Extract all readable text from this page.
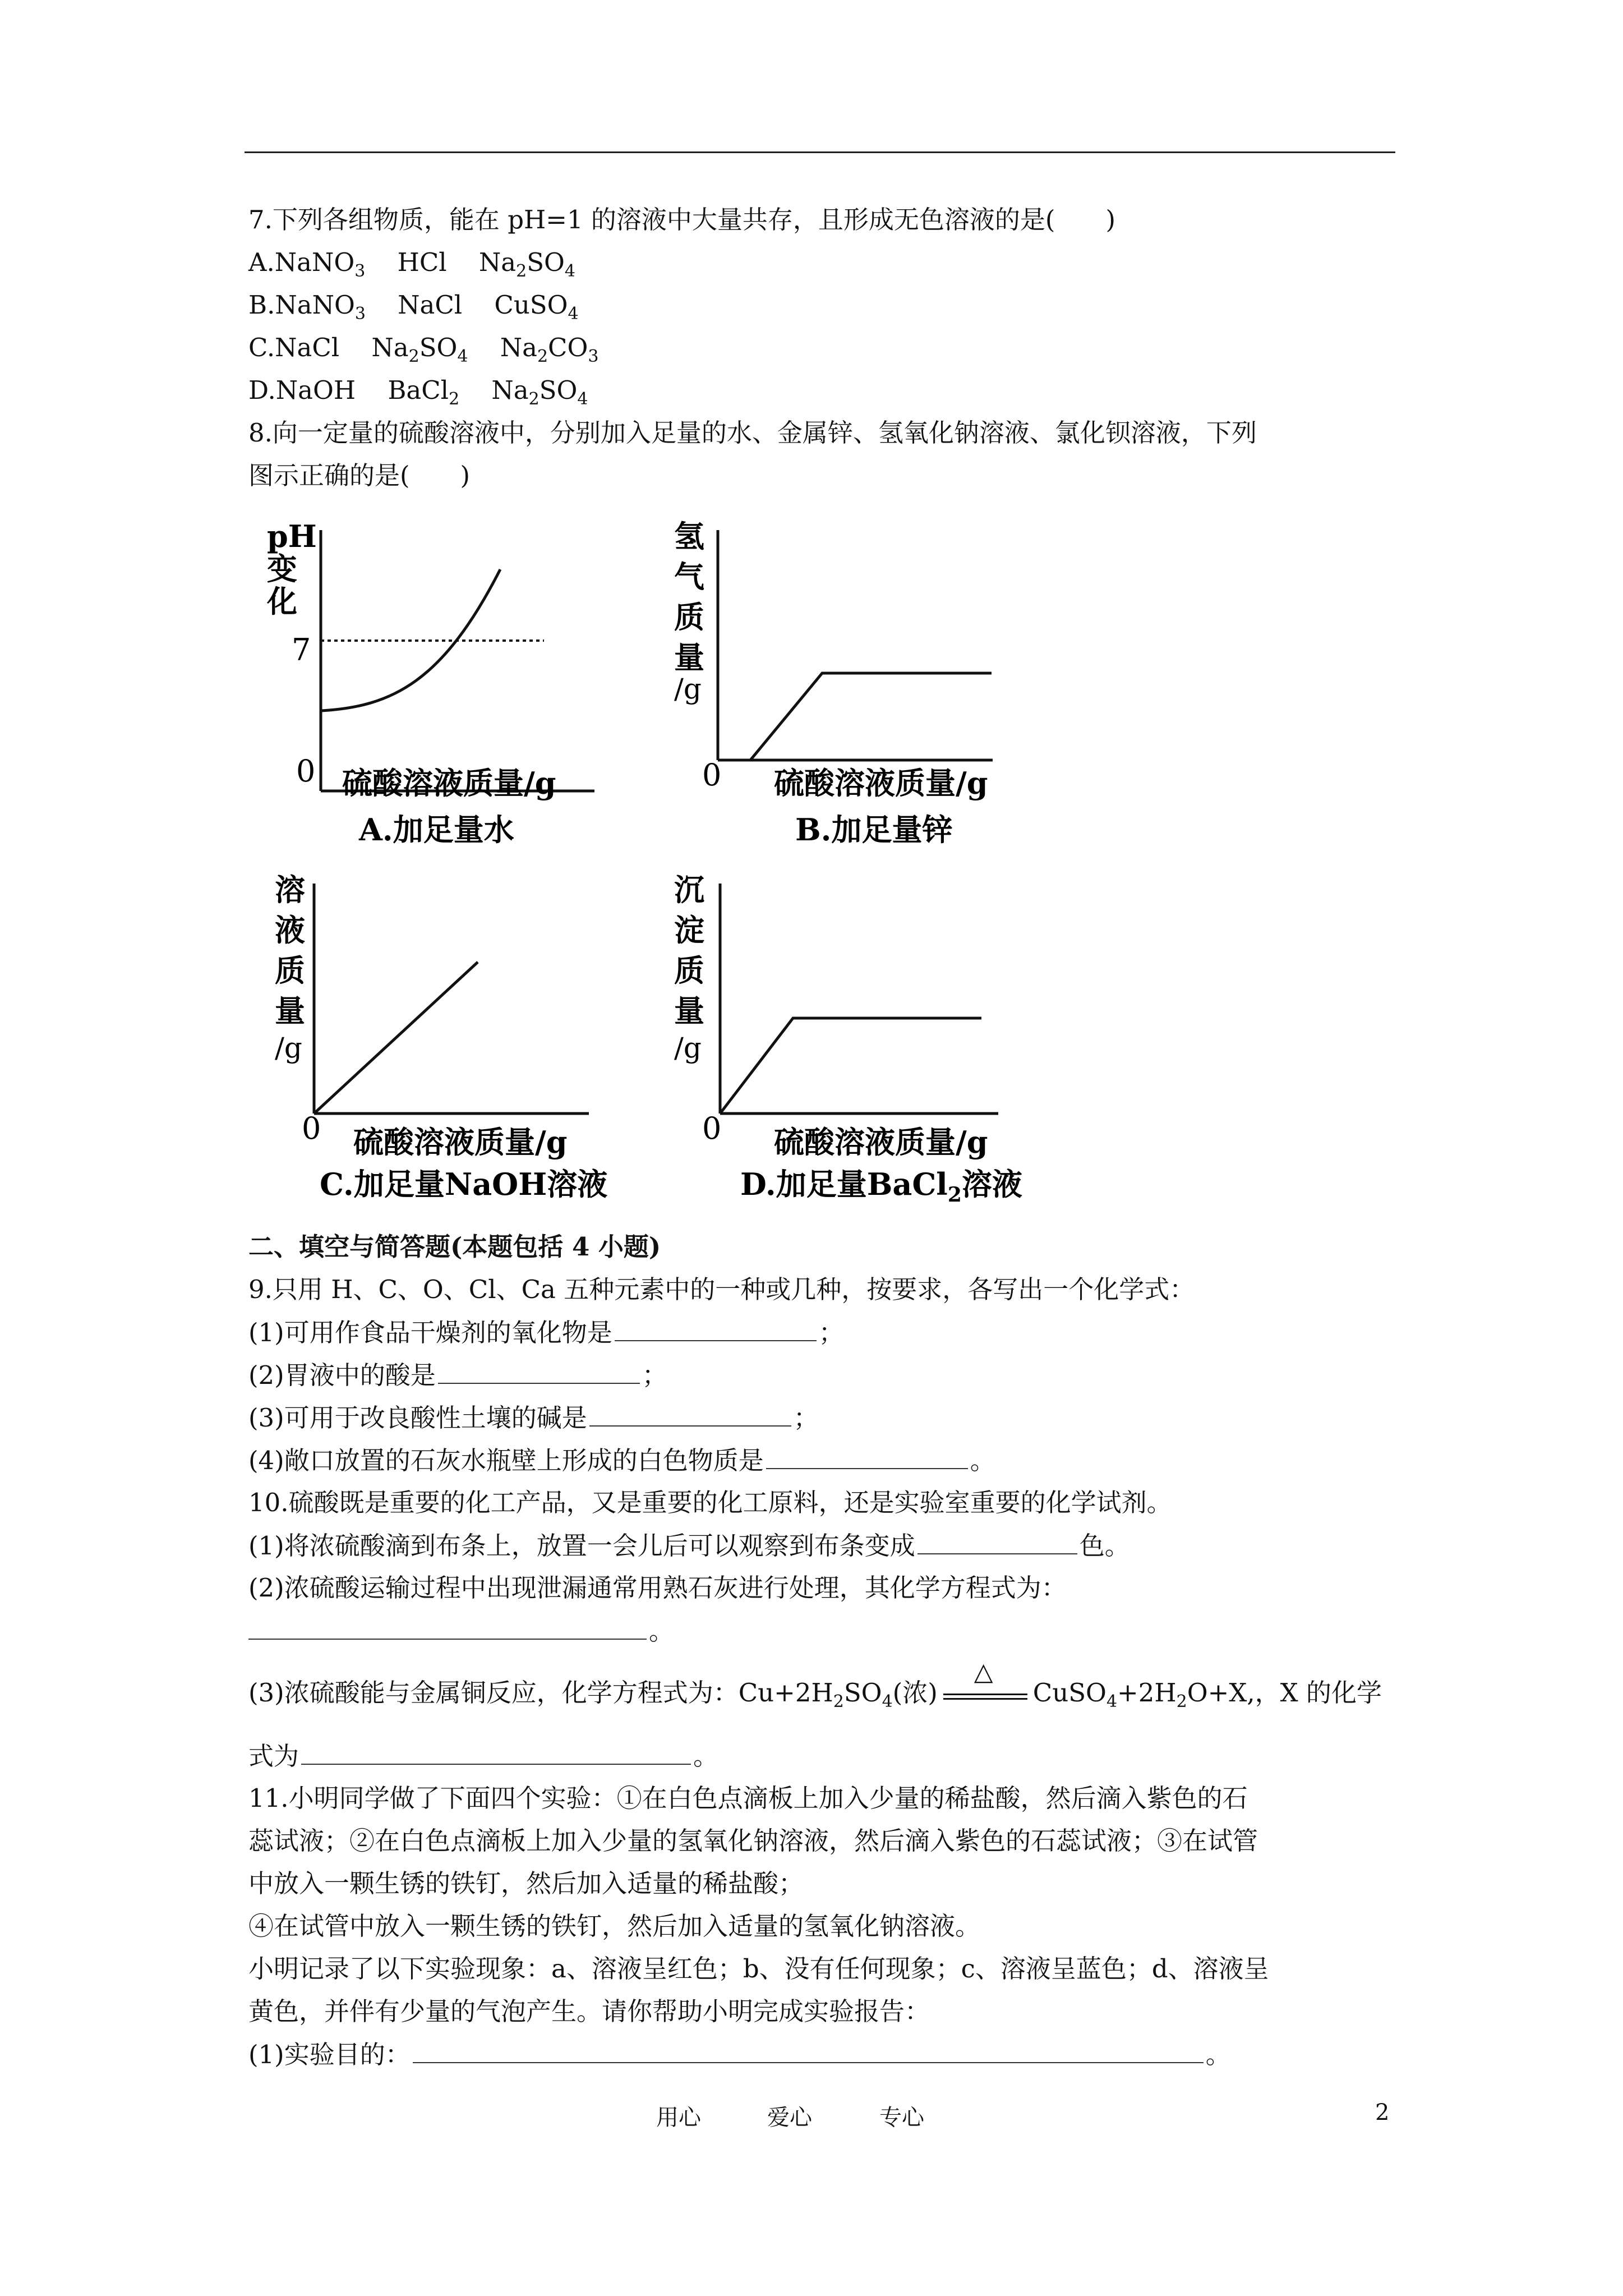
7.下列各组物质，能在 pH=1 的溶液中大量共存，且形成无色溶液的是(　　)
A.NaNO$_3$    HCl    $Na_2SO_4$
B.NaNO$_3$    NaCl    CuSO$_4$
C.NaCl    $Na_2SO_4$    $Na_2CO_3$
D.NaOH    BaCl$_2$    $Na_2SO_4$
8.向一定量的硫酸溶液中，分别加入足量的水、金属锌、氢氧化钠溶液、氯化钡溶液，下列
图示正确的是(　　)
pH
变
化
7
0 硫酸溶液质量/g
A.加足量水
氢
气
质
量
/g
0 硫酸溶液质量/g
B.加足量锌
溶
液
质
量
/g
0 硫酸溶液质量/g
C.加足量NaOH溶液
沉
淀
质
量
/g
0 硫酸溶液质量/g
D.加足量BaCl$_2$溶液
二、填空与简答题(本题包括 4 小题)
9.只用 H、C、O、Cl、Ca 五种元素中的一种或几种，按要求，各写出一个化学式：
(1)可用作食品干燥剂的氧化物是	；
(2)胃液中的酸是	；
(3)可用于改良酸性土壤的碱是	；
(4)敞口放置的石灰水瓶壁上形成的白色物质是	。
10.硫酸既是重要的化工产品，又是重要的化工原料，还是实验室重要的化学试剂。
(1)将浓硫酸滴到布条上，放置一会儿后可以观察到布条变成	色。
(2)浓硫酸运输过程中出现泄漏通常用熟石灰进行处理，其化学方程式为：
。
(3)浓硫酸能与金属铜反应，化学方程式为：$Cu+2H_2SO_4$(浓)
△
$CuSO_4+2H_2O+X$,，X 的化学
式为	。
11.小明同学做了下面四个实验：①在白色点滴板上加入少量的稀盐酸，然后滴入紫色的石
蕊试液；②在白色点滴板上加入少量的氢氧化钠溶液，然后滴入紫色的石蕊试液；③在试管
中放入一颗生锈的铁钉，然后加入适量的稀盐酸；
④在试管中放入一颗生锈的铁钉，然后加入适量的氢氧化钠溶液。
小明记录了以下实验现象：a、溶液呈红色；b、没有任何现象；c、溶液呈蓝色；d、溶液呈
黄色，并伴有少量的气泡产生。请你帮助小明完成实验报告：
(1)实验目的：	。
用心	爱心	专心	2
